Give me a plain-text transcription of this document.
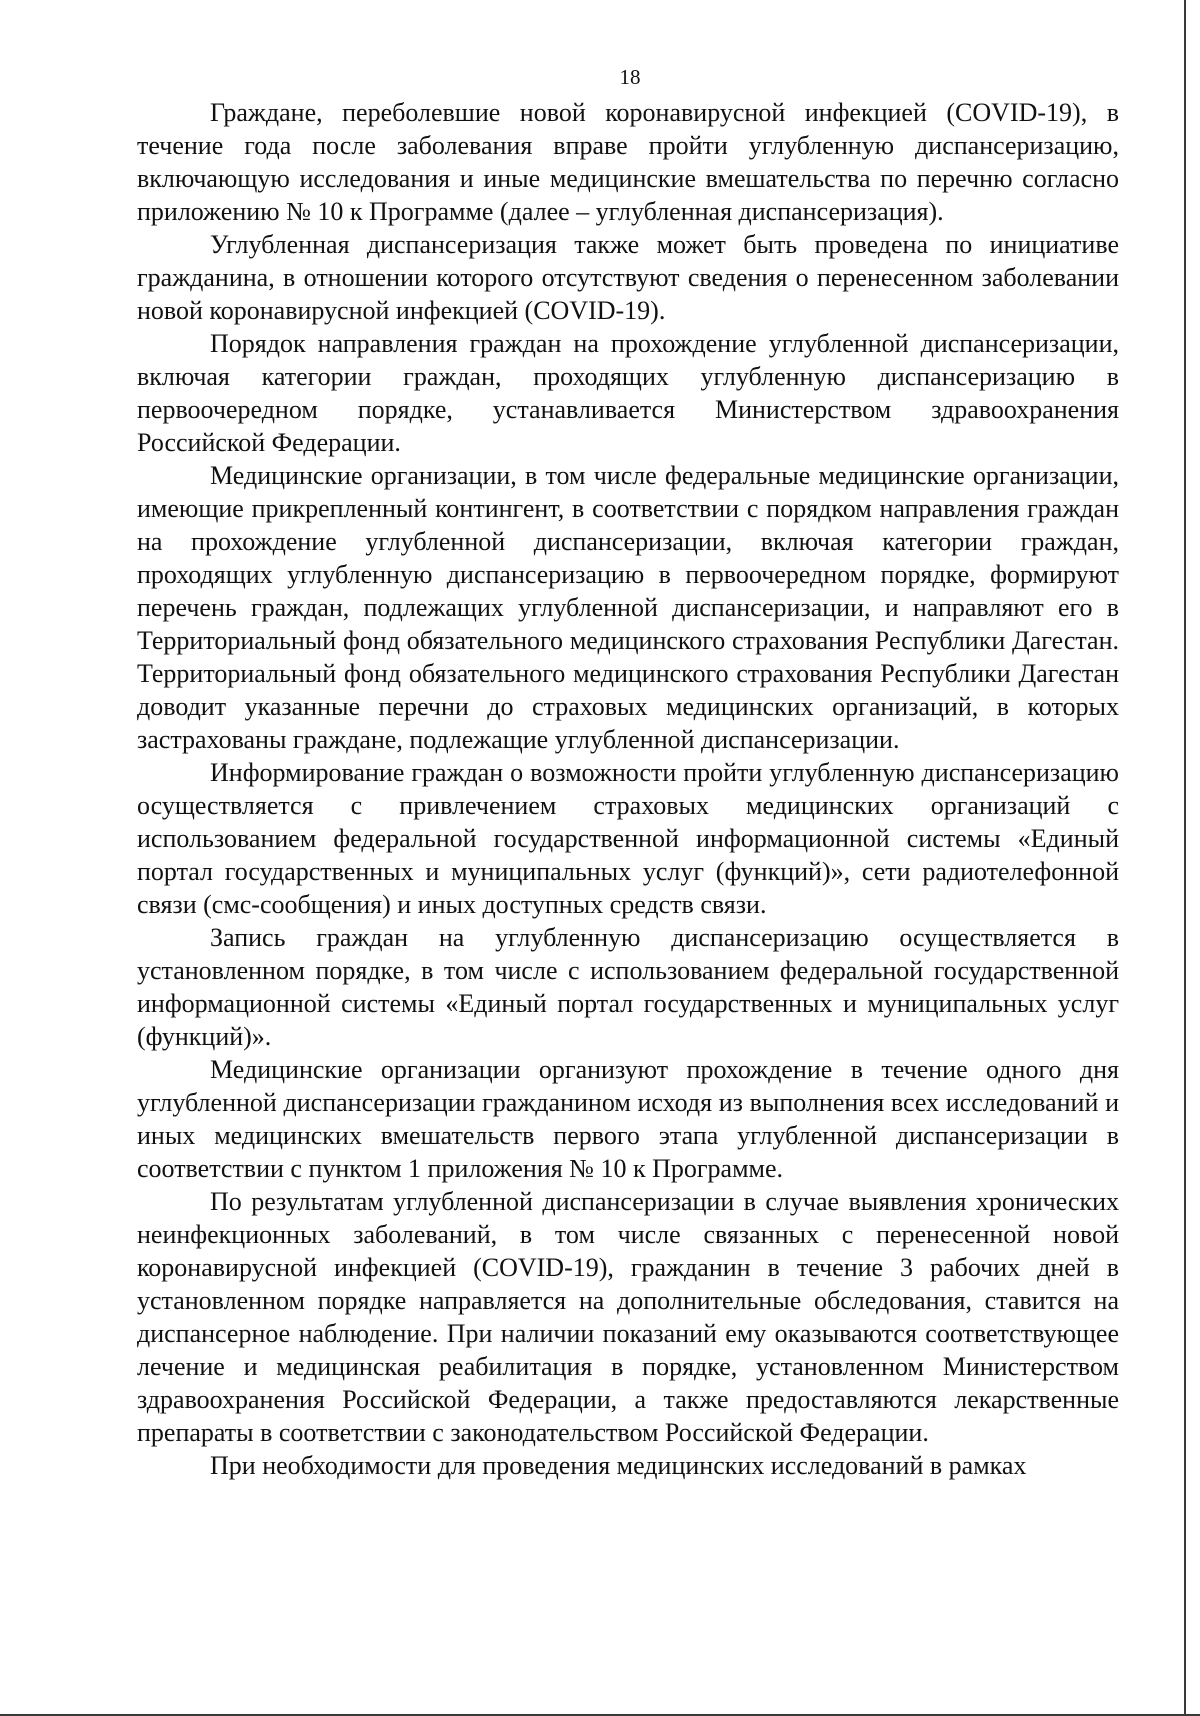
18

Граждане, переболевшие новой коронавирусной инфекцией (COVID-19), в течение года после заболевания вправе пройти углубленную диспансеризацию, включающую исследования и иные медицинские вмешательства по перечню согласно приложению № 10 к Программе (далее – углубленная диспансеризация).

Углубленная диспансеризация также может быть проведена по инициативе гражданина, в отношении которого отсутствуют сведения о перенесенном заболевании новой коронавирусной инфекцией (COVID-19).

Порядок направления граждан на прохождение углубленной диспансеризации, включая категории граждан, проходящих углубленную диспансеризацию в первоочередном порядке, устанавливается Министерством здравоохранения Российской Федерации.

Медицинские организации, в том числе федеральные медицинские организации, имеющие прикрепленный контингент, в соответствии с порядком направления граждан на прохождение углубленной диспансеризации, включая категории граждан, проходящих углубленную диспансеризацию в первоочередном порядке, формируют перечень граждан, подлежащих углубленной диспансеризации, и направляют его в Территориальный фонд обязательного медицинского страхования Республики Дагестан. Территориальный фонд обязательного медицинского страхования Республики Дагестан доводит указанные перечни до страховых медицинских организаций, в которых застрахованы граждане, подлежащие углубленной диспансеризации.

Информирование граждан о возможности пройти углубленную диспансеризацию осуществляется с привлечением страховых медицинских организаций с использованием федеральной государственной информационной системы «Единый портал государственных и муниципальных услуг (функций)», сети радиотелефонной связи (смс-сообщения) и иных доступных средств связи.

Запись граждан на углубленную диспансеризацию осуществляется в установленном порядке, в том числе с использованием федеральной государственной информационной системы «Единый портал государственных и муниципальных услуг (функций)».

Медицинские организации организуют прохождение в течение одного дня углубленной диспансеризации гражданином исходя из выполнения всех исследований и иных медицинских вмешательств первого этапа углубленной диспансеризации в соответствии с пунктом 1 приложения № 10 к Программе.

По результатам углубленной диспансеризации в случае выявления хронических неинфекционных заболеваний, в том числе связанных с перенесенной новой коронавирусной инфекцией (COVID-19), гражданин в течение 3 рабочих дней в установленном порядке направляется на дополнительные обследования, ставится на диспансерное наблюдение. При наличии показаний ему оказываются соответствующее лечение и медицинская реабилитация в порядке, установленном Министерством здравоохранения Российской Федерации, а также предоставляются лекарственные препараты в соответствии с законодательством Российской Федерации.

При необходимости для проведения медицинских исследований в рамках
